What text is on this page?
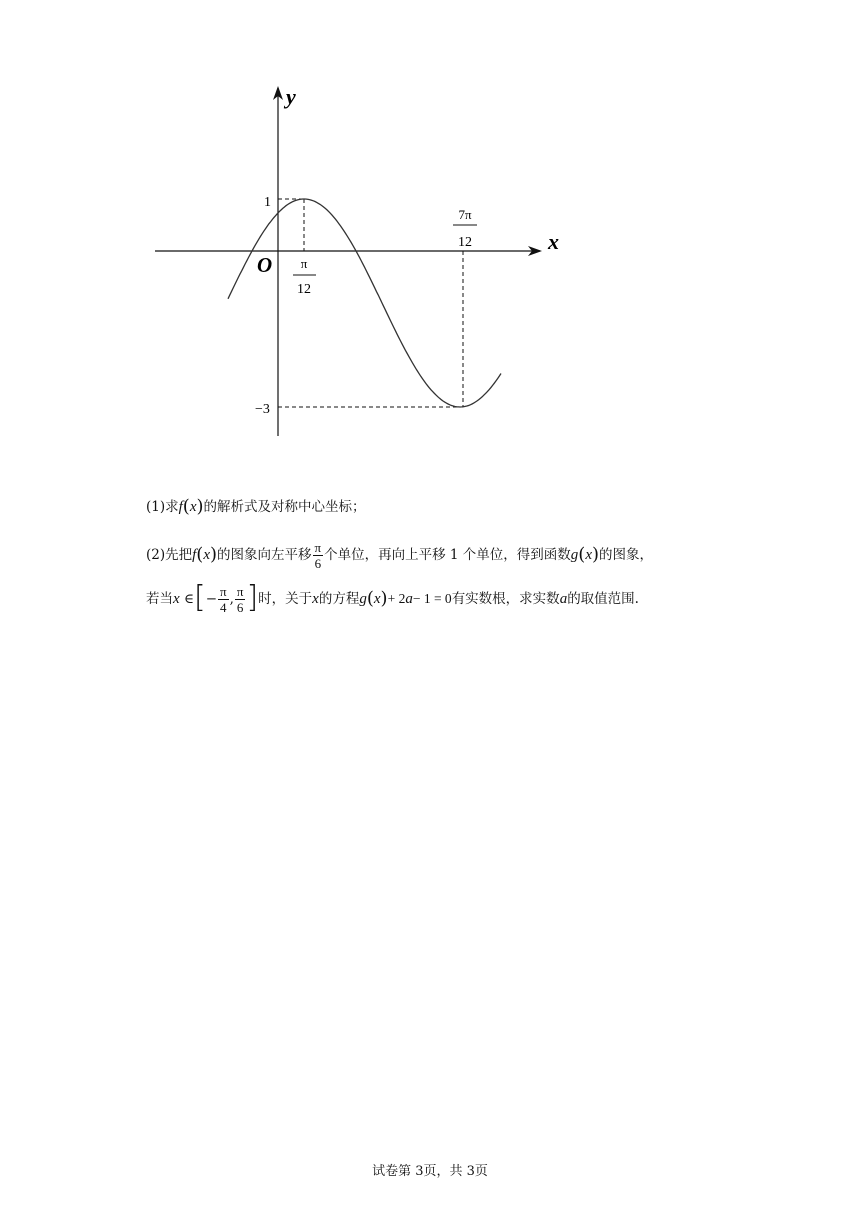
y
x
O
1
−3
π
12
7π
12
(1)求f(x)的解析式及对称中心坐标；
(2)先把f(x)的图象向左平移 $\frac{\pi}{6}$ 个单位，再向上平移 1 个单位，得到函数g(x)的图象，
若当x ∈[− $\frac{\pi}{4}$ , $\frac{\pi}{6}$ ]时，关于x的方程g(x)+ 2a− 1 = 0有实数根，求实数a的取值范围.
试卷第 3页，共 3页
